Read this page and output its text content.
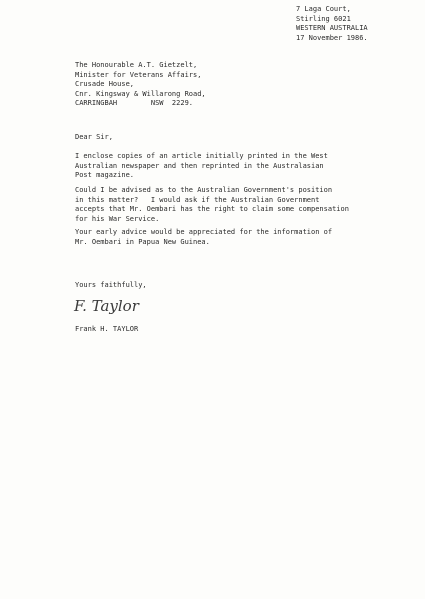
7 Laga Court,
Stirling 6021
WESTERN AUSTRALIA
17 November 1986.
The Honourable A.T. Gietzelt,
Minister for Veterans Affairs,
Crusade House,
Cnr. Kingsway & Willarong Road,
CARRINGBAH        NSW  2229.
Dear Sir,
I enclose copies of an article initially printed in the West
Australian newspaper and then reprinted in the Australasian
Post magazine.
Could I be advised as to the Australian Government's position
in this matter?   I would ask if the Australian Government
accepts that Mr. Oembari has the right to claim some compensation
for his War Service.
Your early advice would be appreciated for the information of
Mr. Oembari in Papua New Guinea.
Yours faithfully,
F. Taylor
Frank H. TAYLOR
